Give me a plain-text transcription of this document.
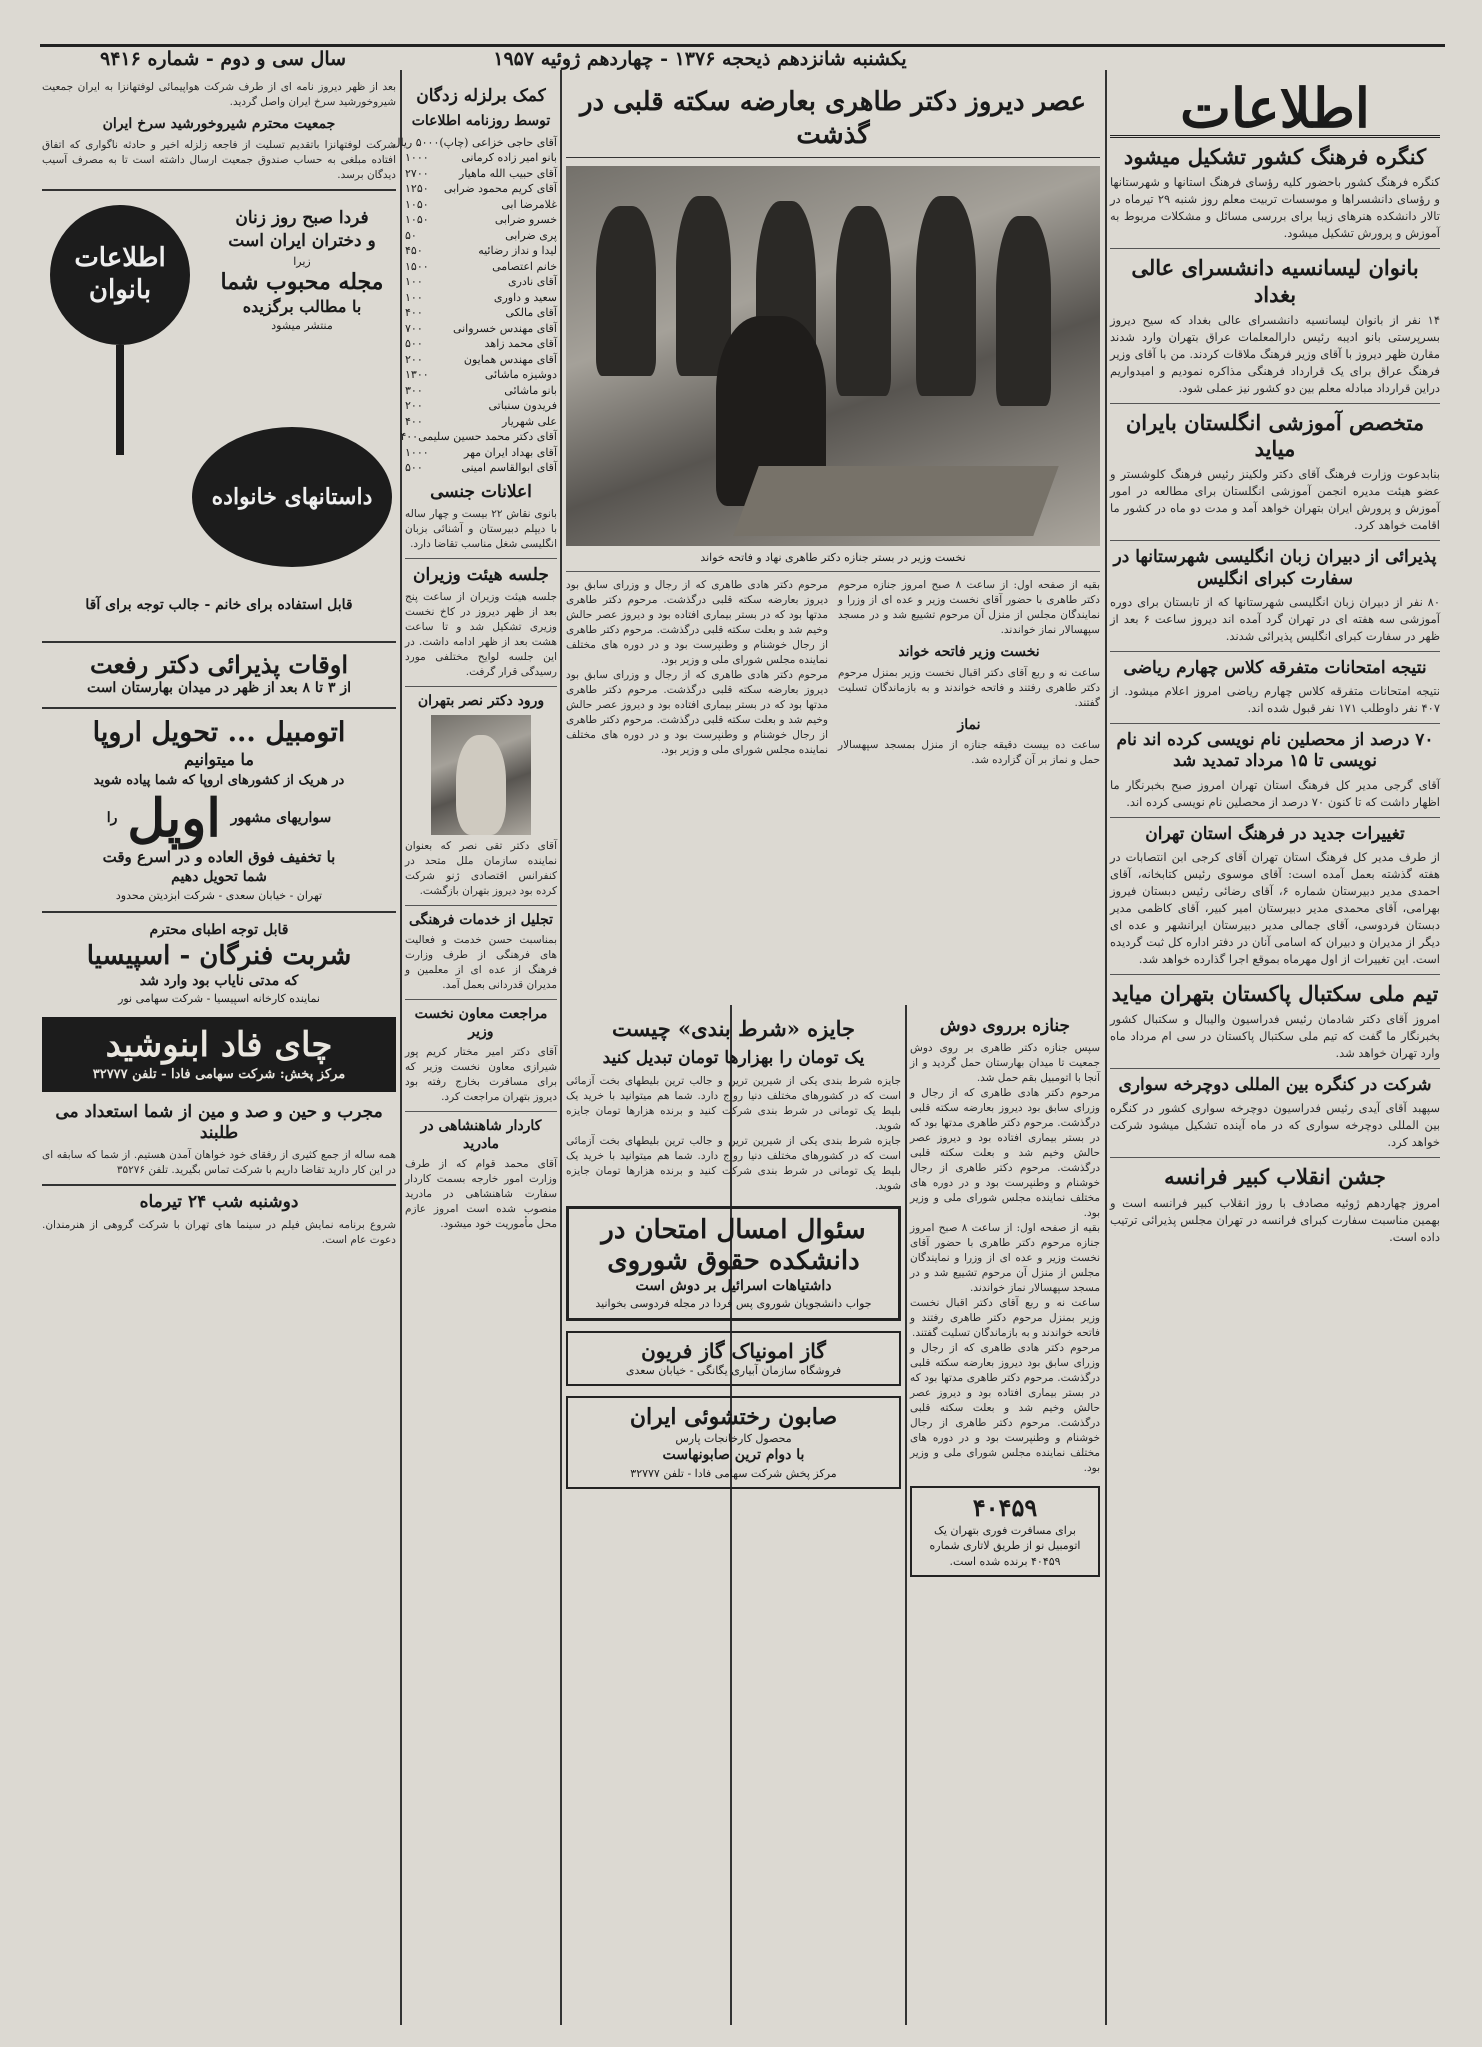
سال سی و دوم - شماره ۹۴۱۶	یکشنبه شانزدهم ذیحجه ۱۳۷۶ - چهاردهم ژوئیه ۱۹۵۷
اطلاعات
کنگره فرهنگ کشور تشکیل میشود
کنگره فرهنگ کشور باحضور کلیه رؤسای فرهنگ استانها و شهرستانها و رؤسای دانشسراها و موسسات تربیت معلم روز شنبه ۲۹ تیرماه در تالار دانشکده هنرهای زیبا برای بررسی مسائل و مشکلات مربوط به آموزش و پرورش تشکیل میشود.
بانوان لیسانسیه دانشسرای عالی بغداد
۱۴ نفر از بانوان لیسانسیه دانشسرای عالی بغداد که سیح دیروز بسرپرستی بانو ادیبه رئیس دارالمعلمات عراق بتهران وارد شدند مقارن ظهر دیروز با آقای وزیر فرهنگ ملاقات کردند. من با آقای وزیر فرهنگ عراق برای یک قرارداد فرهنگی مذاکره نمودیم و امیدواریم دراین قرارداد مبادله معلم بین دو کشور نیز عملی شود.
متخصص آموزشی انگلستان بایران میاید
بنابدعوت وزارت فرهنگ آقای دکتر ولکینز رئیس فرهنگ کلوشستر و عضو هیئت مدیره انجمن آموزشی انگلستان برای مطالعه در امور آموزش و پرورش ایران بتهران خواهد آمد و مدت دو ماه در کشور ما اقامت خواهد کرد.
پذیرائی از دبیران زبان انگلیسی شهرستانها در سفارت کبرای انگلیس
۸۰ نفر از دبیران زبان انگلیسی شهرستانها که از تابستان برای دوره آموزشی سه هفته ای در تهران گرد آمده اند دیروز ساعت ۶ بعد از ظهر در سفارت کبرای انگلیس پذیرائی شدند.
نتیجه امتحانات متفرقه کلاس چهارم ریاضی
نتیجه امتحانات متفرقه کلاس چهارم ریاضی امروز اعلام میشود. از ۴۰۷ نفر داوطلب ۱۷۱ نفر قبول شده اند.
۷۰ درصد از محصلین نام نویسی کرده اند نام نویسی تا ۱۵ مرداد تمدید شد
آقای گرجی مدیر کل فرهنگ استان تهران امروز صبح بخبرنگار ما اظهار داشت که تا کنون ۷۰ درصد از محصلین نام نویسی کرده اند.
تغییرات جدید در فرهنگ استان تهران
از طرف مدیر کل فرهنگ استان تهران آقای کرجی ابن انتصابات در هفته گذشته بعمل آمده است: آقای موسوی رئیس کتابخانه، آقای احمدی مدیر دبیرستان شماره ۶، آقای رضائی رئیس دبستان فیروز بهرامی، آقای محمدی مدیر دبیرستان امیر کبیر، آقای کاظمی مدیر دبستان فردوسی، آقای جمالی مدیر دبیرستان ایرانشهر و عده ای دیگر از مدیران و دبیران که اسامی آنان در دفتر اداره کل ثبت گردیده است. این تغییرات از اول مهرماه بموقع اجرا گذارده خواهد شد.
تیم ملی سکتبال پاکستان بتهران میاید
امروز آقای دکتر شادمان رئیس فدراسیون والیبال و سکتبال کشور بخبرنگار ما گفت که تیم ملی سکتبال پاکستان در سی ام مرداد ماه وارد تهران خواهد شد.
شرکت در کنگره بین المللی دوچرخه سواری
سپهبد آقای آیدی رئیس فدراسیون دوچرخه سواری کشور در کنگره بین المللی دوچرخه سواری که در ماه آینده تشکیل میشود شرکت خواهد کرد.
جشن انقلاب کبیر فرانسه
امروز چهاردهم ژوئیه مصادف با روز انقلاب کبیر فرانسه است و بهمین مناسبت سفارت کبرای فرانسه در تهران مجلس پذیرائی ترتیب داده است.
عصر دیروز دکتر طاهری بعارضه سکته قلبی در گذشت
نخست وزیر در بستر جنازه دکتر طاهری نهاد و فاتحه خواند
بقیه از صفحه اول: از ساعت ۸ صبح امروز جنازه مرحوم دکتر طاهری با حضور آقای نخست وزیر و عده ای از وزرا و نمایندگان مجلس از منزل آن مرحوم تشییع شد و در مسجد سپهسالار نماز خواندند.
نخست وزیر فاتحه خواند
ساعت نه و ربع آقای دکتر اقبال نخست وزیر بمنزل مرحوم دکتر طاهری رفتند و فاتحه خواندند و به بازماندگان تسلیت گفتند.
نماز
ساعت ده بیست دقیقه جنازه از منزل بمسجد سپهسالار حمل و نماز بر آن گزارده شد.
مرحوم دکتر هادی طاهری که از رجال و وزرای سابق بود دیروز بعارضه سکته قلبی درگذشت. مرحوم دکتر طاهری مدتها بود که در بستر بیماری افتاده بود و دیروز عصر حالش وخیم شد و بعلت سکته قلبی درگذشت. مرحوم دکتر طاهری از رجال خوشنام و وطنپرست بود و در دوره های مختلف نماینده مجلس شورای ملی و وزیر بود.
مرحوم دکتر هادی طاهری که از رجال و وزرای سابق بود دیروز بعارضه سکته قلبی درگذشت. مرحوم دکتر طاهری مدتها بود که در بستر بیماری افتاده بود و دیروز عصر حالش وخیم شد و بعلت سکته قلبی درگذشت. مرحوم دکتر طاهری از رجال خوشنام و وطنپرست بود و در دوره های مختلف نماینده مجلس شورای ملی و وزیر بود.
جنازه برروی دوش
سپس جنازه دکتر طاهری بر روی دوش جمعیت تا میدان بهارستان حمل گردید و از آنجا با اتومبیل بقم حمل شد.
مرحوم دکتر هادی طاهری که از رجال و وزرای سابق بود دیروز بعارضه سکته قلبی درگذشت. مرحوم دکتر طاهری مدتها بود که در بستر بیماری افتاده بود و دیروز عصر حالش وخیم شد و بعلت سکته قلبی درگذشت. مرحوم دکتر طاهری از رجال خوشنام و وطنپرست بود و در دوره های مختلف نماینده مجلس شورای ملی و وزیر بود.
بقیه از صفحه اول: از ساعت ۸ صبح امروز جنازه مرحوم دکتر طاهری با حضور آقای نخست وزیر و عده ای از وزرا و نمایندگان مجلس از منزل آن مرحوم تشییع شد و در مسجد سپهسالار نماز خواندند.
ساعت نه و ربع آقای دکتر اقبال نخست وزیر بمنزل مرحوم دکتر طاهری رفتند و فاتحه خواندند و به بازماندگان تسلیت گفتند.
مرحوم دکتر هادی طاهری که از رجال و وزرای سابق بود دیروز بعارضه سکته قلبی درگذشت. مرحوم دکتر طاهری مدتها بود که در بستر بیماری افتاده بود و دیروز عصر حالش وخیم شد و بعلت سکته قلبی درگذشت. مرحوم دکتر طاهری از رجال خوشنام و وطنپرست بود و در دوره های مختلف نماینده مجلس شورای ملی و وزیر بود.
۴۰۴۵۹
برای مسافرت فوری بتهران یک اتومبیل نو از طریق لاتاری شماره ۴۰۴۵۹ برنده شده است.
جایزه «شرط بندی» چیست
یک تومان را بهزارها تومان تبدیل کنید
جایزه شرط بندی یکی از شیرین ترین و جالب ترین بلیطهای بخت آزمائی است که در کشورهای مختلف دنیا رواج دارد. شما هم میتوانید با خرید یک بلیط یک تومانی در شرط بندی شرکت کنید و برنده هزارها تومان جایزه شوید.
جایزه شرط بندی یکی از شیرین ترین و جالب ترین بلیطهای بخت آزمائی است که در کشورهای مختلف دنیا رواج دارد. شما هم میتوانید با خرید یک بلیط یک تومانی در شرط بندی شرکت کنید و برنده هزارها تومان جایزه شوید.
سئوال امسال امتحان در دانشکده حقوق شوروی
داشتیاهات اسرائیل بر دوش است
جواب دانشجویان شوروی پس فردا در مجله فردوسی بخوانید
گاز امونیاک گاز فریون
فروشگاه سازمان آبیاری یگانگی - خیابان سعدی
صابون رختشوئی ایران
محصول کارخانجات پارس
با دوام ترین صابونهاست
مرکز پخش شرکت سهامی فادا - تلفن ۳۲۷۷۷
کمک برلزله زدگان
توسط روزنامه اطلاعات
آقای حاجی خزاعی (چاپ)
۵۰۰۰ ریال
بانو امیر زاده کرمانی
۱۰۰۰
آقای حبیب الله ماهیار
۲۷۰۰
آقای کریم محمود ضرابی
۱۲۵۰
غلامرضا ابی
۱۰۵۰
خسرو ضرابی
۱۰۵۰
پری ضرابی
۵۰
لیدا و نداز رضائیه
۴۵۰
خانم اعتصامی
۱۵۰۰
آقای نادری
۱۰۰
سعید و داوری
۱۰۰
آقای مالکی
۴۰۰
آقای مهندس خسروانی
۷۰۰
آقای محمد زاهد
۵۰۰
آقای مهندس همایون
۲۰۰
دوشیزه ماشائی
۱۳۰۰
بانو ماشائی
۳۰۰
فریدون سنباتی
۲۰۰
علی شهریار
۴۰۰
آقای دکتر محمد حسین سلیمی
۴۰۰
آقای بهداد ایران مهر
۱۰۰۰
آقای ابوالقاسم امینی
۵۰۰
اعلانات جنسی
بانوی نقاش ۲۲ بیست و چهار ساله با دیپلم دبیرستان و آشنائی بزبان انگلیسی شغل مناسب تقاضا دارد.
جلسه هیئت وزیران
جلسه هیئت وزیران از ساعت پنج بعد از ظهر دیروز در کاخ نخست وزیری تشکیل شد و تا ساعت هشت بعد از ظهر ادامه داشت. در این جلسه لوایح مختلفی مورد رسیدگی قرار گرفت.
ورود دکتر نصر بتهران
آقای دکتر تقی نصر که بعنوان نماینده سازمان ملل متحد در کنفرانس اقتصادی ژنو شرکت کرده بود دیروز بتهران بازگشت.
تجلیل از خدمات فرهنگی
بمناسبت حسن خدمت و فعالیت های فرهنگی از طرف وزارت فرهنگ از عده ای از معلمین و مدیران قدردانی بعمل آمد.
مراجعت معاون نخست وزیر
آقای دکتر امیر مختار کریم پور شیرازی معاون نخست وزیر که برای مسافرت بخارج رفته بود دیروز بتهران مراجعت کرد.
کاردار شاهنشاهی در مادرید
آقای محمد قوام که از طرف وزارت امور خارجه بسمت کاردار سفارت شاهنشاهی در مادرید منصوب شده است امروز عازم محل مأموریت خود میشود.
بعد از ظهر دیروز نامه ای از طرف شرکت هواپیمائی لوفتهانزا به ایران جمعیت شیروخورشید سرخ ایران واصل گردید.
جمعیت محترم شیروخورشید سرخ ایران
شرکت لوفتهانزا باتقدیم تسلیت از فاجعه زلزله اخیر و حادثه ناگواری که اتفاق افتاده مبلغی به حساب صندوق جمعیت ارسال داشته است تا به مصرف آسیب دیدگان برسد.
اطلاعات بانوان
فردا صبح روز زنان
و دختران ایران است
زیرا
مجله محبوب شما
با مطالب برگزیده
منتشر میشود
داستانهای خانواده
قابل استفاده برای خانم - جالب توجه برای آقا
اوقات پذیرائی دکتر رفعت
از ۳ تا ۸ بعد از ظهر در میدان بهارستان است
اتومبیل ... تحویل اروپا
ما میتوانیم
در هریک از کشورهای اروپا که شما پیاده شوید
سواریهای مشهور
اوپل
را
با تخفیف فوق العاده و در اسرع وقت
شما تحویل دهیم
تهران - خیابان سعدی - شرکت ابزدیتن محدود
قابل توجه اطبای محترم
شربت فنرگان - اسپیسیا
که مدتی نایاب بود وارد شد
نماینده کارخانه اسپیسیا - شرکت سهامی نور
چای فاد ابنوشید
مرکز پخش: شرکت سهامی فادا - تلفن ۳۲۷۷۷
مجرب و حین و صد و مین از شما استعداد می طلبند
همه ساله از جمع کثیری از رفقای خود خواهان آمدن هستیم. از شما که سابقه ای در این کار دارید تقاضا داریم با شرکت تماس بگیرید. تلفن ۳۵۲۷۶
دوشنبه شب ۲۴ تیرماه
شروع برنامه نمایش فیلم در سینما های تهران با شرکت گروهی از هنرمندان. دعوت عام است.
